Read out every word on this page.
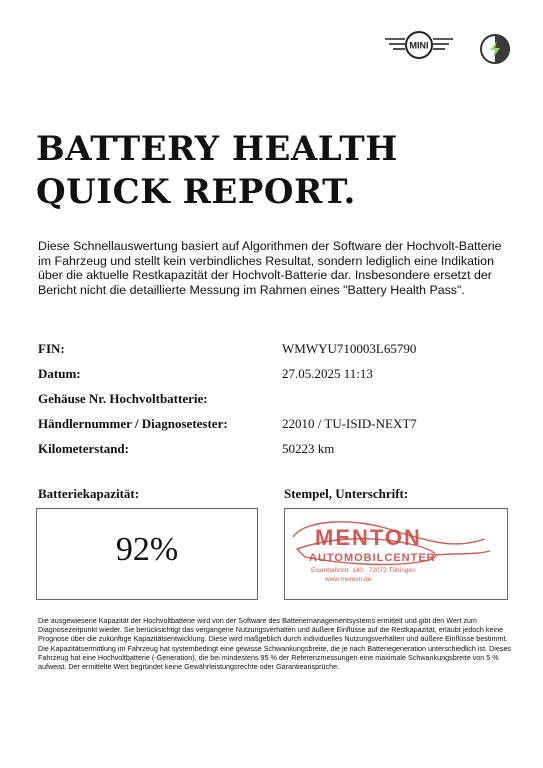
MINI
BATTERY HEALTH
QUICK REPORT.
Diese Schnellauswertung basiert auf Algorithmen der Software der Hochvolt-Batterie im Fahrzeug und stellt kein verbindliches Resultat, sondern lediglich eine Indikation über die aktuelle Restkapazität der Hochvolt-Batterie dar. Insbesondere ersetzt der Bericht nicht die detaillierte Messung im Rahmen eines "Battery Health Pass".
FIN:	WMWYU710003L65790
Datum:	27.05.2025 11:13
Gehäuse Nr. Hochvoltbatterie:
Händlernummer / Diagnosetester:	22010 / TU-ISID-NEXT7
Kilometerstand:	50223 km
Batteriekapazität:
92%
Stempel, Unterschrift:
MENTON
AUTOMOBILCENTER
Eisenbahnstr. 140 · 72072 Tübingen
www.menton.de
Die ausgewiesene Kapazität der Hochvoltbatterie wird von der Software des Batteriemanagementsystems ermittelt und gibt den Wert zum Diagnosezeitpunkt wieder. Sie berücksichtigt das vergangene Nutzungsverhalten und äußere Einflüsse auf die Restkapazität, erlaubt jedoch keine Prognose über die zukünftige Kapazitätsentwicklung. Diese wird maßgeblich durch individuelles Nutzungsverhalten und äußere Einflüsse bestimmt. Die Kapazitätsermittlung im Fahrzeug hat systembedingt eine gewisse Schwankungsbreite, die je nach Batteriegeneration unterschiedlich ist. Dieses Fahrzeug hat eine Hochvoltbatterie (-Generation), die bei mindestens 95 % der Referenzmessungen eine maximale Schwankungsbreite von 5 % aufweist. Der ermittelte Wert begründet keine Gewährleistungsrechte oder Garantieansprüche.
